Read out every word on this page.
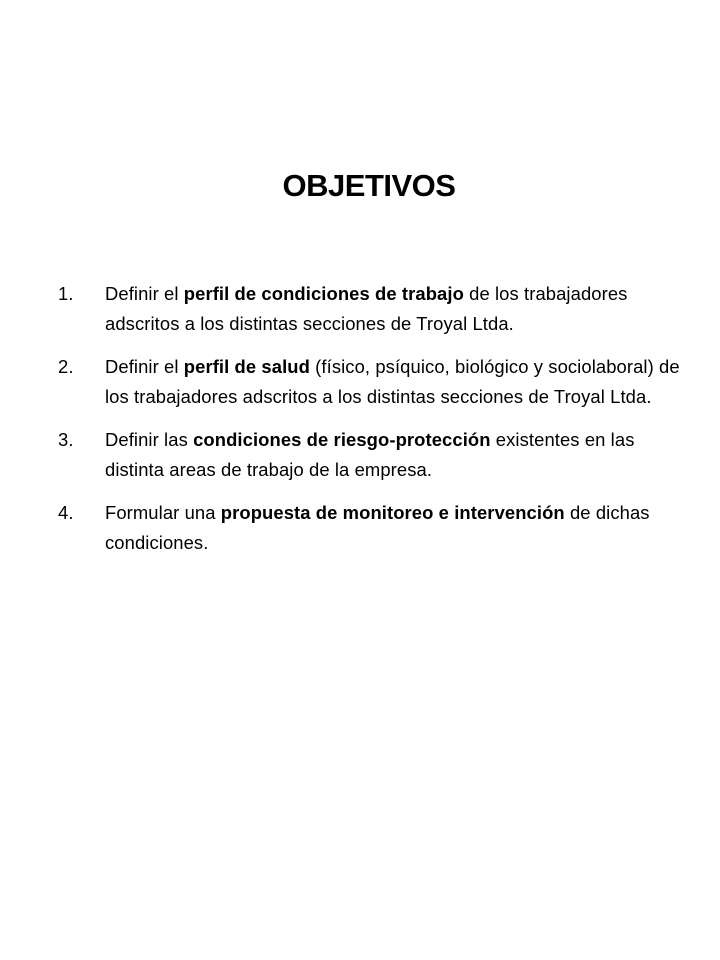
OBJETIVOS
1. Definir el perfil de condiciones de trabajo de los trabajadores adscritos a los distintas secciones de Troyal Ltda.
2. Definir el perfil de salud (físico, psíquico, biológico y sociolaboral) de los trabajadores adscritos a los distintas secciones de Troyal Ltda.
3. Definir las condiciones de riesgo-protección existentes en las distinta areas de trabajo de la empresa.
4. Formular una propuesta de monitoreo e intervención de dichas condiciones.
